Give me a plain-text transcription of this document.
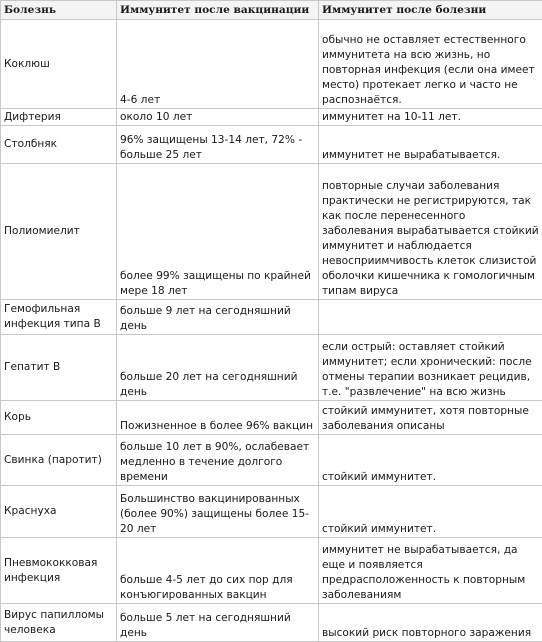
Болезнь	Иммунитет после вакцинации	Иммунитет после болезни
Коклюш	4-6 лет	обычно не оставляет естественного иммунитета на всю жизнь, но повторная инфекция (если она имеет место) протекает легко и часто не распознаётся.
Дифтерия	около 10 лет	иммунитет на 10-11 лет.
Столбняк	96% защищены 13-14 лет, 72% - больше 25 лет	иммунитет не вырабатывается.
Полиомиелит	более 99% защищены по крайней мере 18 лет	повторные случаи заболевания практически не регистрируются, так как после перенесенного заболевания вырабатывается стойкий иммунитет и наблюдается невосприимчивость клеток слизистой оболочки кишечника к гомологичным типам вируса
Гемофильная инфекция типа B	больше 9 лет на сегодняшний день	
Гепатит B	больше 20 лет на сегодняшний день	если острый: оставляет стойкий иммунитет; если хронический: после отмены терапии возникает рецидив, т.е. "развлечение" на всю жизнь
Корь	Пожизненное в более 96% вакцин	стойкий иммунитет, хотя повторные заболевания описаны
Свинка (паротит)	больше 10 лет в 90%, ослабевает медленно в течение долгого времени	стойкий иммунитет.
Краснуха	Большинство вакцинированных (более 90%) защищены более 15-20 лет	стойкий иммунитет.
Пневмококковая инфекция	больше 4-5 лет до сих пор для конъюгированных вакцин	иммунитет не вырабатывается, да еще и появляется предрасположенность к повторным заболеваниям
Вирус папилломы человека	больше 5 лет на сегодняшний день	высокий риск повторного заражения
